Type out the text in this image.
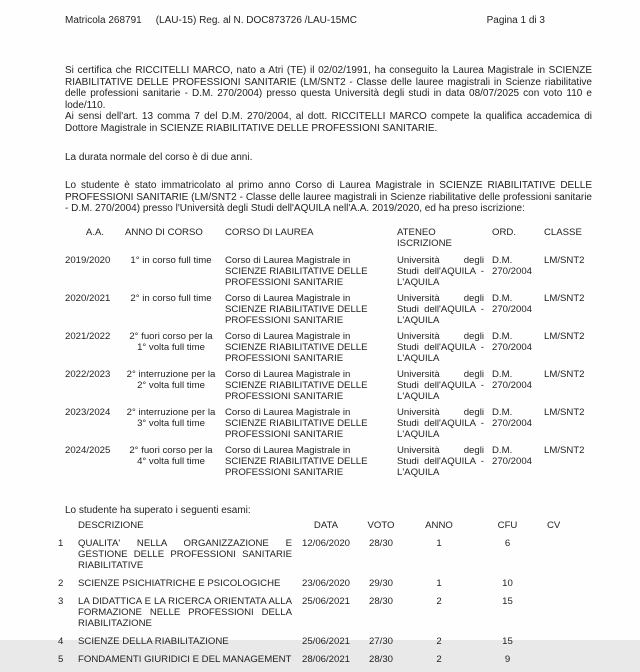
Matricola 268791 (LAU-15) Reg. al N. DOC873726 /LAU-15MC	Pagina 1 di 3
Si certifica che RICCITELLI MARCO, nato a Atri (TE) il 02/02/1991, ha conseguito la Laurea Magistrale in SCIENZE RIABILITATIVE DELLE PROFESSIONI SANITARIE (LM/SNT2 - Classe delle lauree magistrali in Scienze riabilitative delle professioni sanitarie - D.M. 270/2004) presso questa Università degli studi in data 08/07/2025 con voto 110 e lode/110.
Ai sensi dell'art. 13 comma 7 del D.M. 270/2004, al dott. RICCITELLI MARCO compete la qualifica accademica di Dottore Magistrale in SCIENZE RIABILITATIVE DELLE PROFESSIONI SANITARIE.
La durata normale del corso è di due anni.
Lo studente è stato immatricolato al primo anno Corso di Laurea Magistrale in SCIENZE RIABILITATIVE DELLE PROFESSIONI SANITARIE (LM/SNT2 - Classe delle lauree magistrali in Scienze riabilitative delle professioni sanitarie - D.M. 270/2004) presso l'Università degli Studi dell'AQUILA nell'A.A. 2019/2020, ed ha preso iscrizione:
A.A.	ANNO DI CORSO	CORSO DI LAUREA	ATENEO ISCRIZIONE	ORD.	CLASSE
2019/2020	1° in corso full time	Corso di Laurea Magistrale in SCIENZE RIABILITATIVE DELLE PROFESSIONI SANITARIE	Università degli Studi dell'AQUILA - L'AQUILA	D.M. 270/2004	LM/SNT2
2020/2021	2° in corso full time	Corso di Laurea Magistrale in SCIENZE RIABILITATIVE DELLE PROFESSIONI SANITARIE	Università degli Studi dell'AQUILA - L'AQUILA	D.M. 270/2004	LM/SNT2
2021/2022	2° fuori corso per la 1° volta full time	Corso di Laurea Magistrale in SCIENZE RIABILITATIVE DELLE PROFESSIONI SANITARIE	Università degli Studi dell'AQUILA - L'AQUILA	D.M. 270/2004	LM/SNT2
2022/2023	2° interruzione per la 2° volta full time	Corso di Laurea Magistrale in SCIENZE RIABILITATIVE DELLE PROFESSIONI SANITARIE	Università degli Studi dell'AQUILA - L'AQUILA	D.M. 270/2004	LM/SNT2
2023/2024	2° interruzione per la 3° volta full time	Corso di Laurea Magistrale in SCIENZE RIABILITATIVE DELLE PROFESSIONI SANITARIE	Università degli Studi dell'AQUILA - L'AQUILA	D.M. 270/2004	LM/SNT2
2024/2025	2° fuori corso per la 4° volta full time	Corso di Laurea Magistrale in SCIENZE RIABILITATIVE DELLE PROFESSIONI SANITARIE	Università degli Studi dell'AQUILA - L'AQUILA	D.M. 270/2004	LM/SNT2
Lo studente ha superato i seguenti esami:
	DESCRIZIONE	DATA	VOTO	ANNO	CFU	CV
1	QUALITA' NELLA ORGANIZZAZIONE E GESTIONE DELLE PROFESSIONI SANITARIE RIABILITATIVE	12/06/2020	28/30	1	6	
2	SCIENZE PSICHIATRICHE E PSICOLOGICHE	23/06/2020	29/30	1	10	
3	LA DIDATTICA E LA RICERCA ORIENTATA ALLA FORMAZIONE NELLE PROFESSIONI DELLA RIABILITAZIONE	25/06/2021	28/30	2	15	
4	SCIENZE DELLA RIABILITAZIONE	25/06/2021	27/30	2	15	
5	FONDAMENTI GIURIDICI E DEL MANAGEMENT	28/06/2021	28/30	2	9	
